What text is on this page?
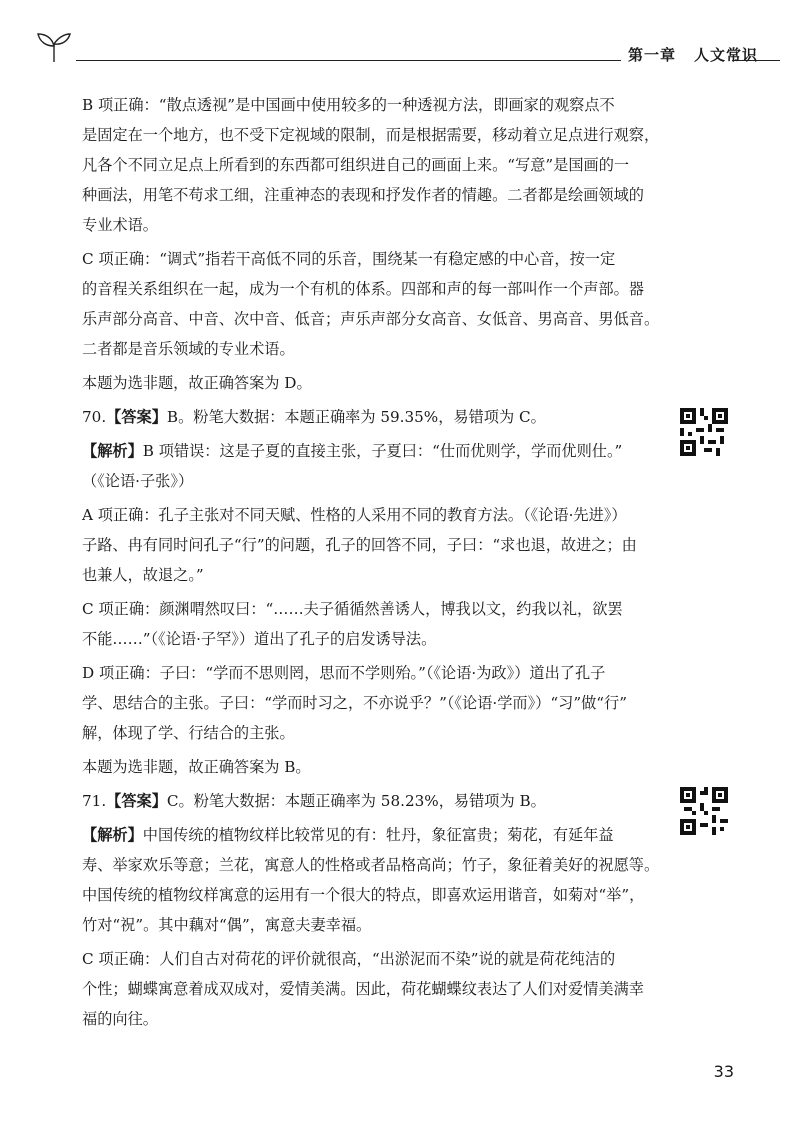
第一章 人文常识

B 项正确：“散点透视”是中国画中使用较多的一种透视方法，即画家的观察点不
是固定在一个地方，也不受下定视域的限制，而是根据需要，移动着立足点进行观察，
凡各个不同立足点上所看到的东西都可组织进自己的画面上来。“写意”是国画的一
种画法，用笔不苟求工细，注重神态的表现和抒发作者的情趣。二者都是绘画领域的
专业术语。

C 项正确：“调式”指若干高低不同的乐音，围绕某一有稳定感的中心音，按一定
的音程关系组织在一起，成为一个有机的体系。四部和声的每一部叫作一个声部。器
乐声部分高音、中音、次中音、低音；声乐声部分女高音、女低音、男高音、男低音。
二者都是音乐领域的专业术语。

本题为选非题，故正确答案为 D。

70.【答案】B。粉笔大数据：本题正确率为 59.35%，易错项为 C。

【解析】B 项错误：这是子夏的直接主张，子夏曰：“仕而优则学，学而优则仕。”
（《论语·子张》）

A 项正确：孔子主张对不同天赋、性格的人采用不同的教育方法。（《论语·先进》）
子路、冉有同时问孔子“行”的问题，孔子的回答不同，子曰：“求也退，故进之；由
也兼人，故退之。”

C 项正确：颜渊喟然叹曰：“……夫子循循然善诱人，博我以文，约我以礼，欲罢
不能……”（《论语·子罕》）道出了孔子的启发诱导法。

D 项正确：子曰：“学而不思则罔，思而不学则殆。”（《论语·为政》）道出了孔子
学、思结合的主张。子曰：“学而时习之，不亦说乎？”（《论语·学而》）“习”做“行”
解，体现了学、行结合的主张。

本题为选非题，故正确答案为 B。

71.【答案】C。粉笔大数据：本题正确率为 58.23%，易错项为 B。

【解析】中国传统的植物纹样比较常见的有：牡丹，象征富贵；菊花，有延年益
寿、举家欢乐等意；兰花，寓意人的性格或者品格高尚；竹子，象征着美好的祝愿等。
中国传统的植物纹样寓意的运用有一个很大的特点，即喜欢运用谐音，如菊对“举”，
竹对“祝”。其中藕对“偶”，寓意夫妻幸福。

C 项正确：人们自古对荷花的评价就很高，“出淤泥而不染”说的就是荷花纯洁的
个性；蝴蝶寓意着成双成对，爱情美满。因此，荷花蝴蝶纹表达了人们对爱情美满幸
福的向往。

33
